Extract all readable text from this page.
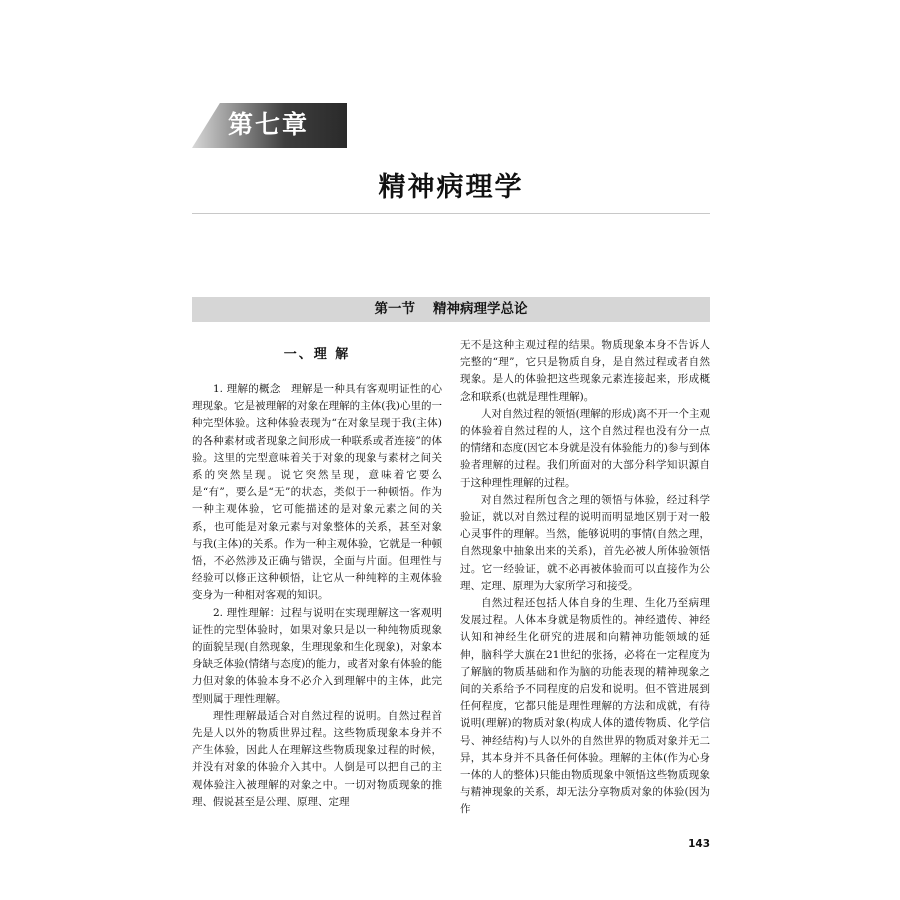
第七章
精神病理学
第一节 精神病理学总论
一、理 解

1. 理解的概念 理解是一种具有客观明证性的心理现象。它是被理解的对象在理解的主体(我)心里的一种完型体验。这种体验表现为“在对象呈现于我(主体)的各种素材或者现象之间形成一种联系或者连接”的体验。这里的完型意味着关于对象的现象与素材之间关系的突然呈现。说它突然呈现，意味着它要么是“有”，要么是“无”的状态，类似于一种顿悟。作为一种主观体验，它可能描述的是对象元素之间的关系，也可能是对象元素与对象整体的关系，甚至对象与我(主体)的关系。作为一种主观体验，它就是一种顿悟，不必然涉及正确与错误，全面与片面。但理性与经验可以修正这种顿悟，让它从一种纯粹的主观体验变身为一种相对客观的知识。

2. 理性理解：过程与说明在实现理解这一客观明证性的完型体验时，如果对象只是以一种纯物质现象的面貌呈现(自然现象，生理现象和生化现象)，对象本身缺乏体验(情绪与态度)的能力，或者对象有体验的能力但对象的体验本身不必介入到理解中的主体，此完型则属于理性理解。

理性理解最适合对自然过程的说明。自然过程首先是人以外的物质世界过程。这些物质现象本身并不产生体验，因此人在理解这些物质现象过程的时候，并没有对象的体验介入其中。人倒是可以把自己的主观体验注入被理解的对象之中。一切对物质现象的推理、假说甚至是公理、原理、定理

无不是这种主观过程的结果。物质现象本身不告诉人完整的“理”，它只是物质自身，是自然过程或者自然现象。是人的体验把这些现象元素连接起来，形成概念和联系(也就是理性理解)。

人对自然过程的领悟(理解的形成)离不开一个主观的体验着自然过程的人，这个自然过程也没有分一点的情绪和态度(因它本身就是没有体验能力的)参与到体验者理解的过程。我们所面对的大部分科学知识源自于这种理性理解的过程。

对自然过程所包含之理的领悟与体验，经过科学验证，就以对自然过程的说明而明显地区别于对一般心灵事件的理解。当然，能够说明的事情(自然之理，自然现象中抽象出来的关系)，首先必被人所体验领悟过。它一经验证，就不必再被体验而可以直接作为公理、定理、原理为大家所学习和接受。

自然过程还包括人体自身的生理、生化乃至病理发展过程。人体本身就是物质性的。神经遗传、神经认知和神经生化研究的进展和向精神功能领域的延伸，脑科学大旗在21世纪的张扬，必将在一定程度为了解脑的物质基础和作为脑的功能表现的精神现象之间的关系给予不同程度的启发和说明。但不管进展到任何程度，它都只能是理性理解的方法和成就，有待说明(理解)的物质对象(构成人体的遗传物质、化学信号、神经结构)与人以外的自然世界的物质对象并无二异，其本身并不具备任何体验。理解的主体(作为心身一体的人的整体)只能由物质现象中领悟这些物质现象与精神现象的关系，却无法分享物质对象的体验(因为作

143
